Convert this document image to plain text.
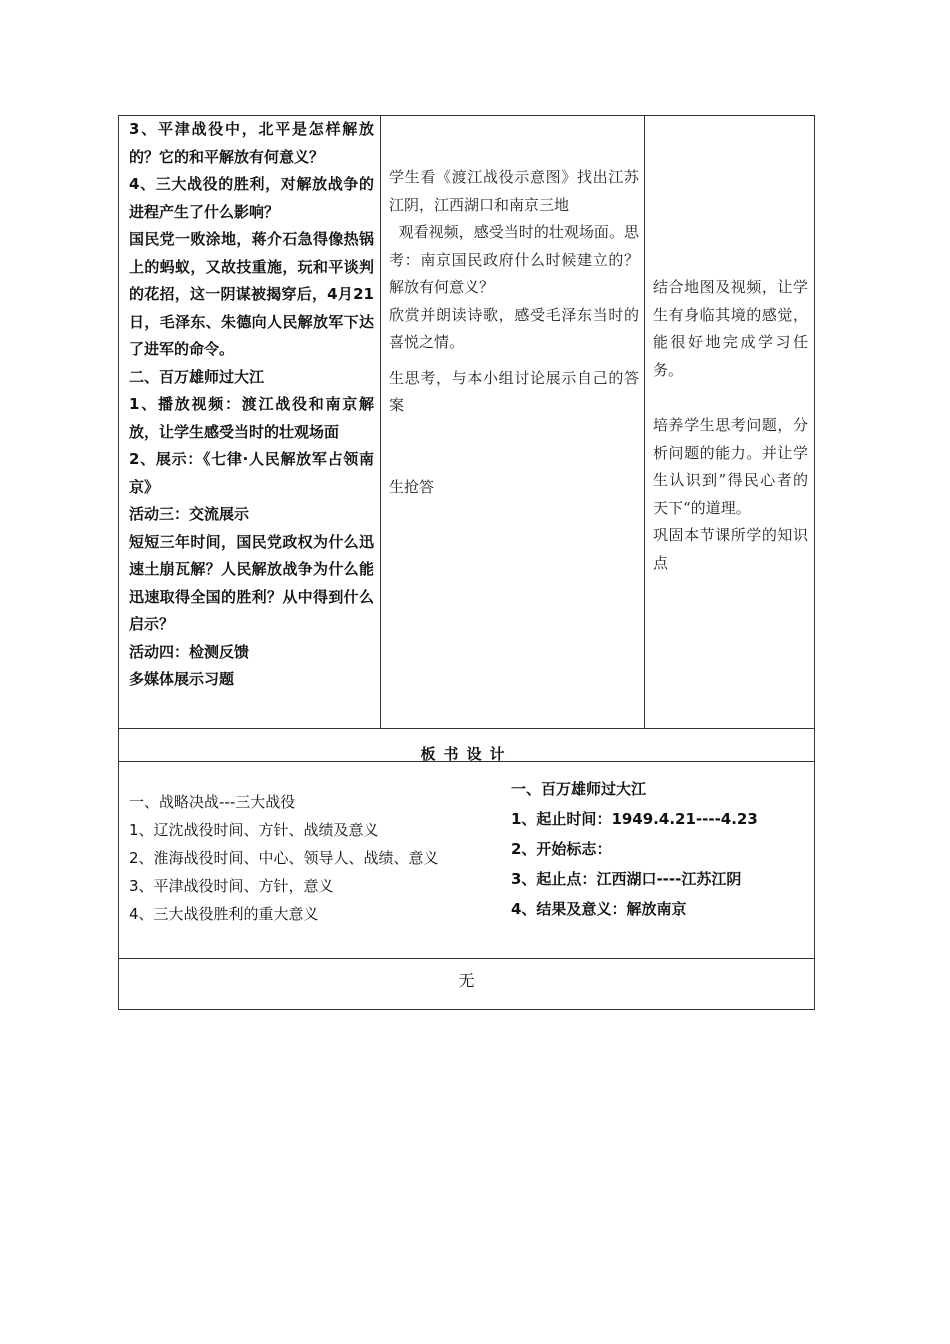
3、平津战役中，北平是怎样解放的？它的和平解放有何意义？

4、三大战役的胜利，对解放战争的进程产生了什么影响？

国民党一败涂地，蒋介石急得像热锅上的蚂蚁，又故技重施，玩和平谈判的花招，这一阴谋被揭穿后，4月21日，毛泽东、朱德向人民解放军下达了进军的命令。

二、百万雄师过大江

1、播放视频：渡江战役和南京解放，让学生感受当时的壮观场面

2、展示：《七律·人民解放军占领南京》

活动三：交流展示

短短三年时间，国民党政权为什么迅速土崩瓦解？人民解放战争为什么能迅速取得全国的胜利？从中得到什么启示？

活动四：检测反馈

多媒体展示习题

学生看《渡江战役示意图》找出江苏江阴，江西湖口和南京三地

观看视频，感受当时的壮观场面。思考：南京国民政府什么时候建立的？解放有何意义？

欣赏并朗读诗歌，感受毛泽东当时的喜悦之情。

生思考，与本小组讨论展示自己的答案

生抢答

结合地图及视频，让学生有身临其境的感觉，能很好地完成学习任务。

培养学生思考问题，分析问题的能力。并让学生认识到”得民心者的天下“的道理。

巩固本节课所学的知识点

板书设计

一、战略决战---三大战役

1、辽沈战役时间、方针、战绩及意义

2、淮海战役时间、中心、领导人、战绩、意义

3、平津战役时间、方针，意义

4、三大战役胜利的重大意义

一、百万雄师过大江

1、起止时间：1949.4.21----4.23

2、开始标志：

3、起止点：江西湖口----江苏江阴

4、结果及意义：解放南京

无
